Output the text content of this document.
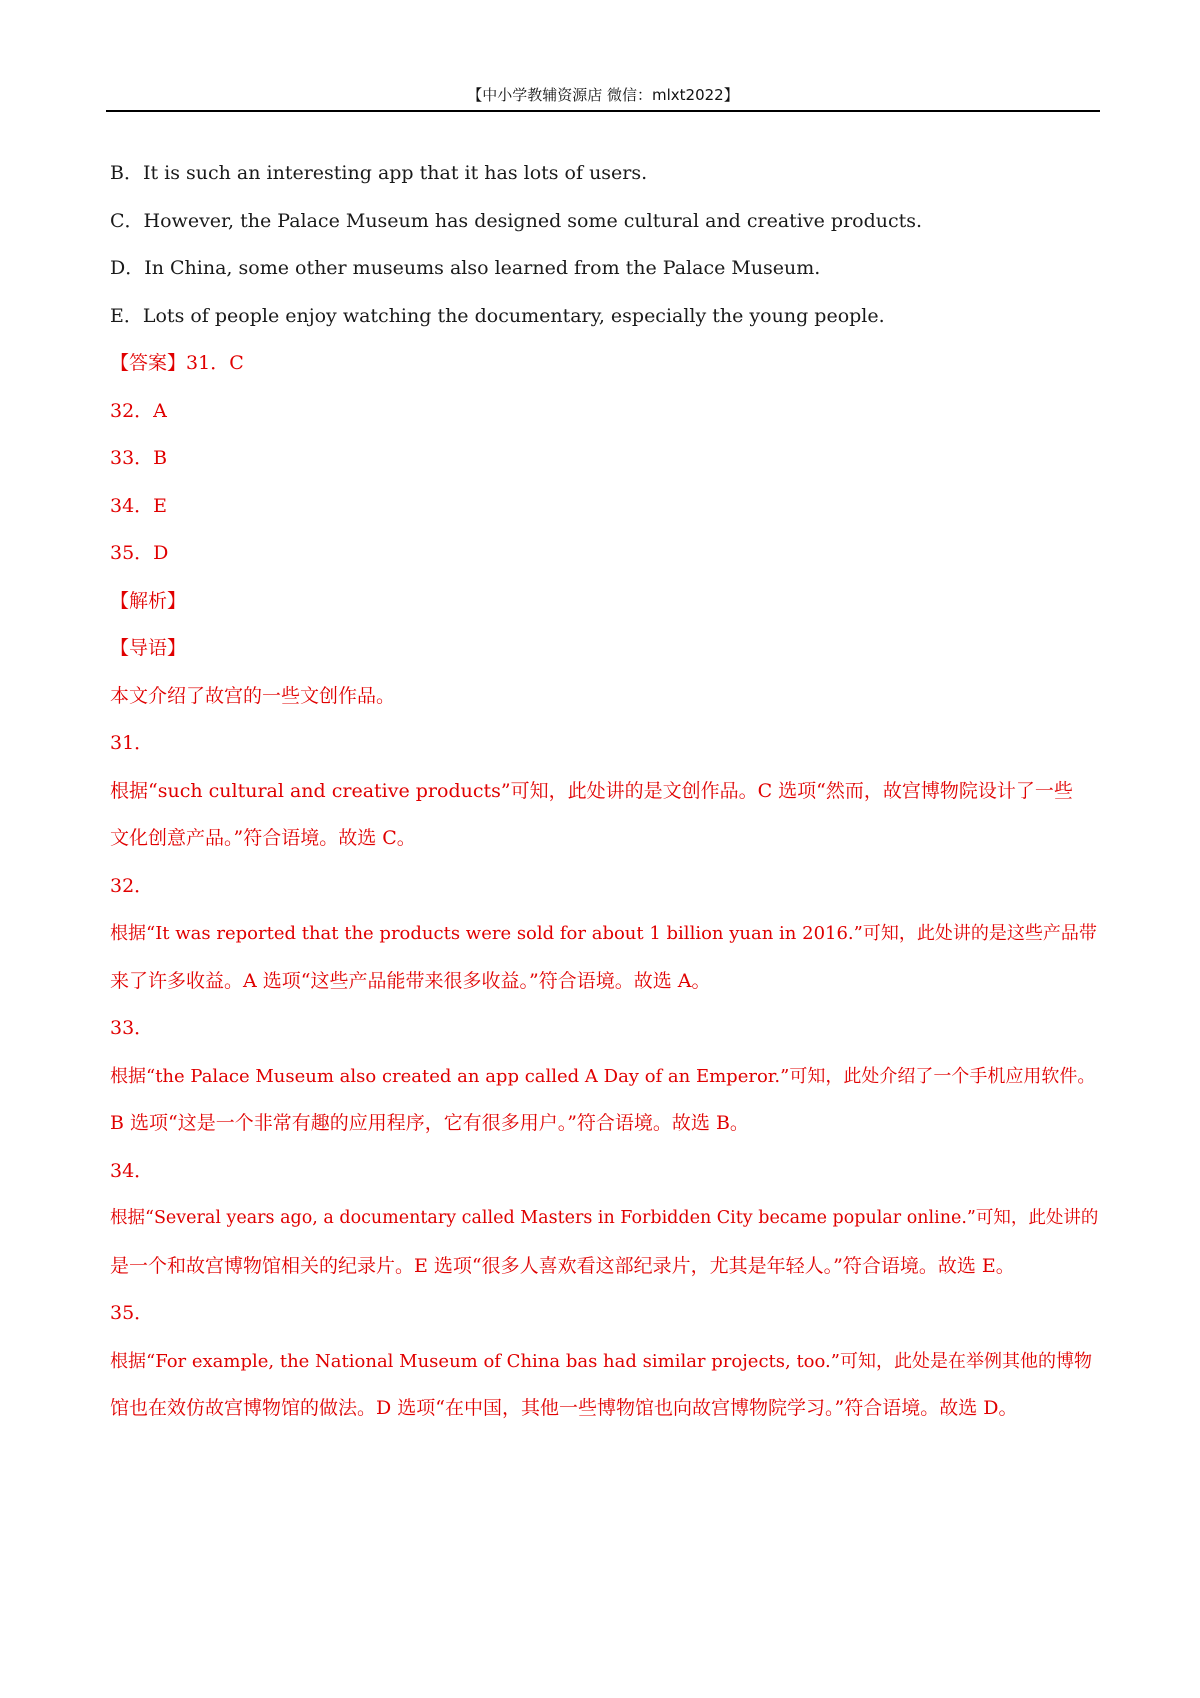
【中小学教辅资源店 微信：mlxt2022】
B．It is such an interesting app that it has lots of users.
C．However, the Palace Museum has designed some cultural and creative products.
D．In China, some other museums also learned from the Palace Museum.
E．Lots of people enjoy watching the documentary, especially the young people.
【答案】31．C
32．A
33．B
34．E
35．D
【解析】
【导语】
本文介绍了故宫的一些文创作品。
31．
根据“such cultural and creative products”可知，此处讲的是文创作品。C 选项“然而，故宫博物院设计了一些
文化创意产品。”符合语境。故选 C。
32．
根据“It was reported that the products were sold for about 1 billion yuan in 2016.”可知，此处讲的是这些产品带
来了许多收益。A 选项“这些产品能带来很多收益。”符合语境。故选 A。
33．
根据“the Palace Museum also created an app called A Day of an Emperor.”可知，此处介绍了一个手机应用软件。
B 选项“这是一个非常有趣的应用程序，它有很多用户。”符合语境。故选 B。
34．
根据“Several years ago, a documentary called Masters in Forbidden City became popular online.”可知，此处讲的
是一个和故宫博物馆相关的纪录片。E 选项“很多人喜欢看这部纪录片，尤其是年轻人。”符合语境。故选 E。
35．
根据“For example, the National Museum of China bas had similar projects, too.”可知，此处是在举例其他的博物
馆也在效仿故宫博物馆的做法。D 选项“在中国，其他一些博物馆也向故宫博物院学习。”符合语境。故选 D。
